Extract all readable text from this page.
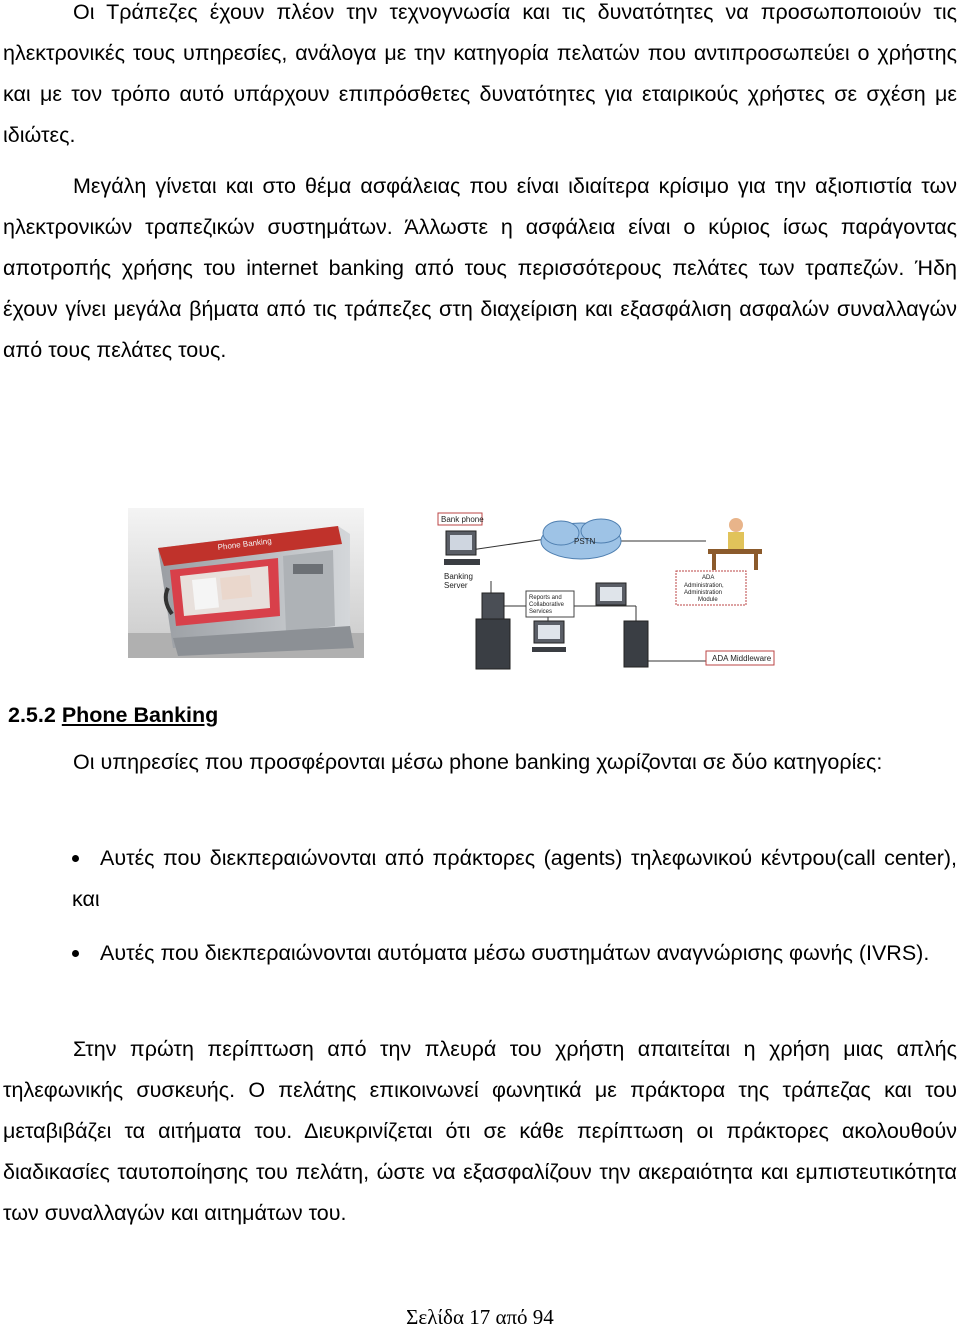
Οι Τράπεζες έχουν πλέον την τεχνογνωσία και τις δυνατότητες να προσωποποιούν τις ηλεκτρονικές τους υπηρεσίες, ανάλογα με την κατηγορία πελατών που αντιπροσωπεύει ο χρήστης και με τον τρόπο αυτό υπάρχουν επιπρόσθετες δυνατότητες για εταιρικούς χρήστες σε σχέση με ιδιώτες.

Μεγάλη γίνεται και στο θέμα ασφάλειας που είναι ιδιαίτερα κρίσιμο για την αξιοπιστία των ηλεκτρονικών τραπεζικών συστημάτων. Άλλωστε η ασφάλεια είναι ο κύριος ίσως παράγοντας αποτροπής χρήσης του internet banking από τους περισσότερους πελάτες των τραπεζών. Ήδη έχουν γίνει μεγάλα βήματα από τις τράπεζες στη διαχείριση και εξασφάλιση ασφαλών συναλλαγών από τους πελάτες τους.

Phone Banking
Bank phone
PSTN
Banking
Server
Reports and
Collaborative
Services
ADA
Administration,
Administration
Module
ADA Middleware
2.5.2 Phone Banking

Οι υπηρεσίες που προσφέρονται μέσω phone banking χωρίζονται σε δύο κατηγορίες:

Αυτές που διεκπεραιώνονται από πράκτορες (agents) τηλεφωνικού κέντρου(call center), και

Αυτές που διεκπεραιώνονται αυτόματα μέσω συστημάτων αναγνώρισης φωνής (IVRS).

Στην πρώτη περίπτωση από την πλευρά του χρήστη απαιτείται η χρήση μιας απλής τηλεφωνικής συσκευής. Ο πελάτης επικοινωνεί φωνητικά με πράκτορα της τράπεζας και του μεταβιβάζει τα αιτήματα του. Διευκρινίζεται ότι σε κάθε περίπτωση οι πράκτορες ακολουθούν διαδικασίες ταυτοποίησης του πελάτη, ώστε να εξασφαλίζουν την ακεραιότητα και εμπιστευτικότητα των συναλλαγών και αιτημάτων του.

Σελίδα 17 από 94
